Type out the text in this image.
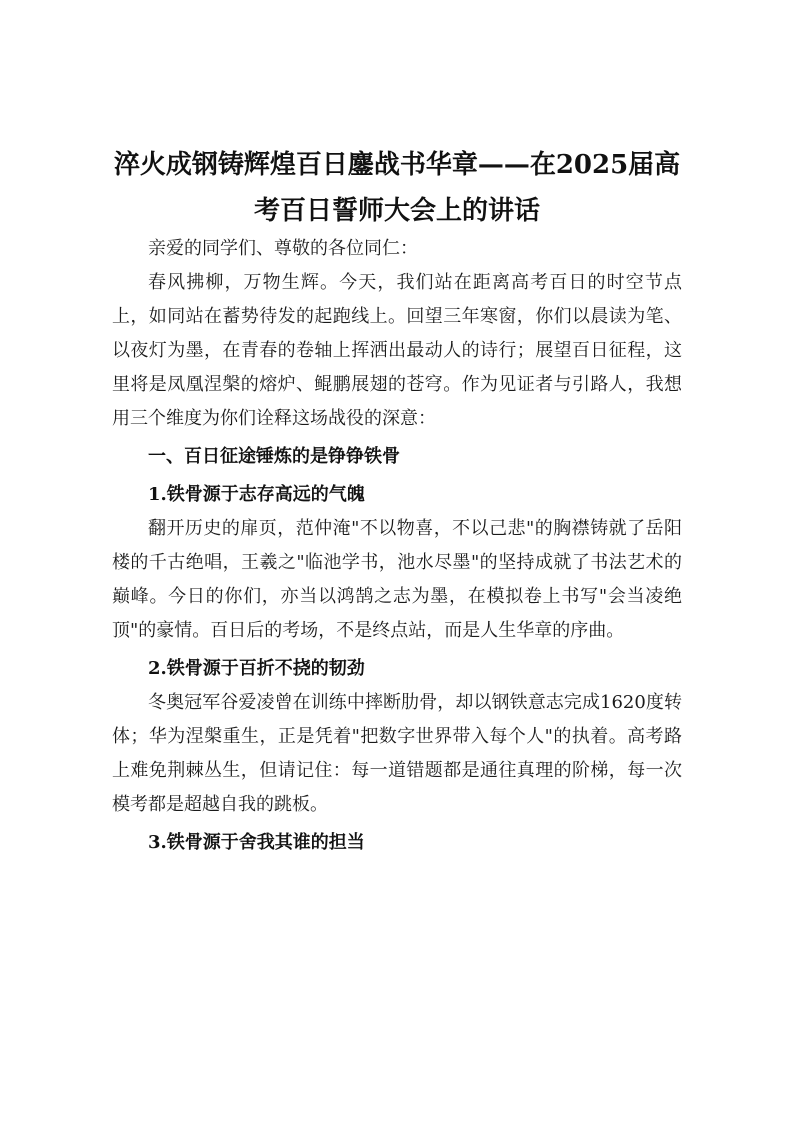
淬火成钢铸辉煌百日鏖战书华章——在2025届高考百日誓师大会上的讲话

亲爱的同学们、尊敬的各位同仁：

春风拂柳，万物生辉。今天，我们站在距离高考百日的时空节点上，如同站在蓄势待发的起跑线上。回望三年寒窗，你们以晨读为笔、以夜灯为墨，在青春的卷轴上挥洒出最动人的诗行；展望百日征程，这里将是凤凰涅槃的熔炉、鲲鹏展翅的苍穹。作为见证者与引路人，我想用三个维度为你们诠释这场战役的深意：

一、百日征途锤炼的是铮铮铁骨
1.铁骨源于志存高远的气魄

翻开历史的扉页，范仲淹"不以物喜，不以己悲"的胸襟铸就了岳阳楼的千古绝唱，王羲之"临池学书，池水尽墨"的坚持成就了书法艺术的巅峰。今日的你们，亦当以鸿鹄之志为墨，在模拟卷上书写"会当凌绝顶"的豪情。百日后的考场，不是终点站，而是人生华章的序曲。

2.铁骨源于百折不挠的韧劲

冬奥冠军谷爱凌曾在训练中摔断肋骨，却以钢铁意志完成1620度转体；华为涅槃重生，正是凭着"把数字世界带入每个人"的执着。高考路上难免荆棘丛生，但请记住：每一道错题都是通往真理的阶梯，每一次模考都是超越自我的跳板。

3.铁骨源于舍我其谁的担当
